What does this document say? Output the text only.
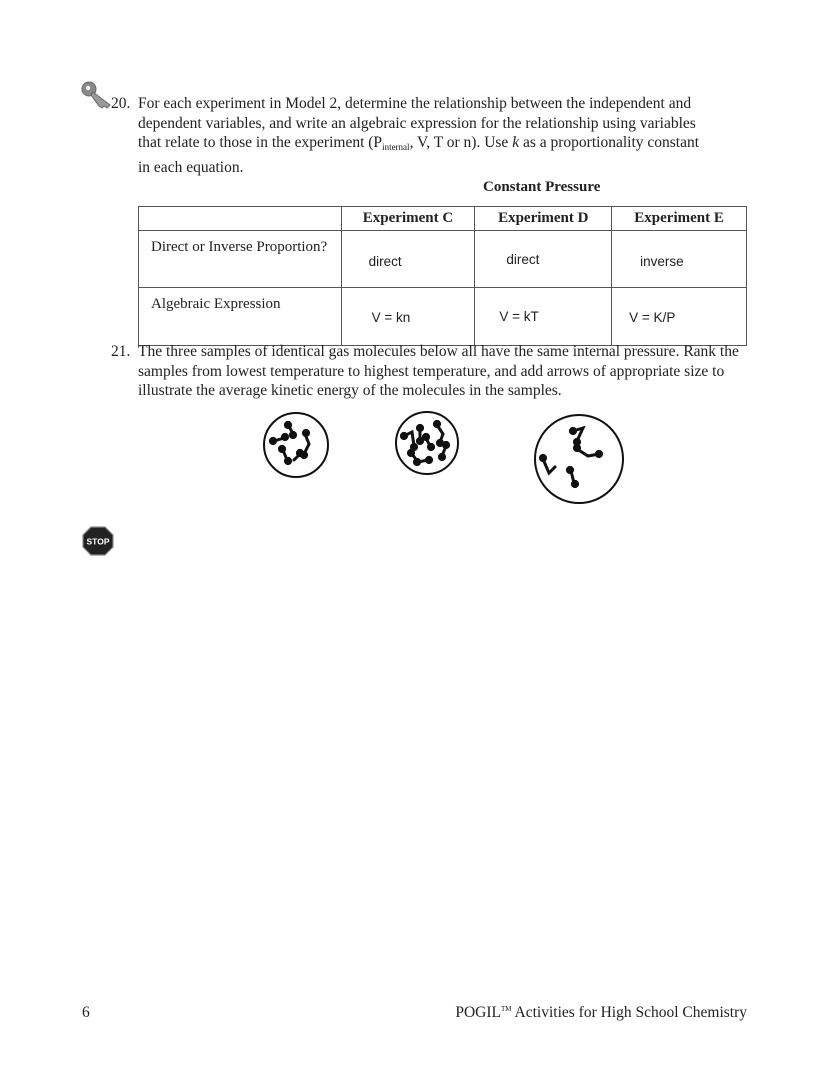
20. For each experiment in Model 2, determine the relationship between the independent and
dependent variables, and write an algebraic expression for the relationship using variables
that relate to those in the experiment ($P_{internal}$, V, T or n). Use k as a proportionality constant
in each equation.
Constant Pressure
	Experiment C	Experiment D	Experiment E
Direct or Inverse Proportion?	direct	direct	inverse
Algebraic Expression	V = kn	V = kT	V = K/P
21. The three samples of identical gas molecules below all have the same internal pressure. Rank the
samples from lowest temperature to highest temperature, and add arrows of appropriate size to
illustrate the average kinetic energy of the molecules in the samples.
STOP
6	POGIL™ Activities for High School Chemistry
